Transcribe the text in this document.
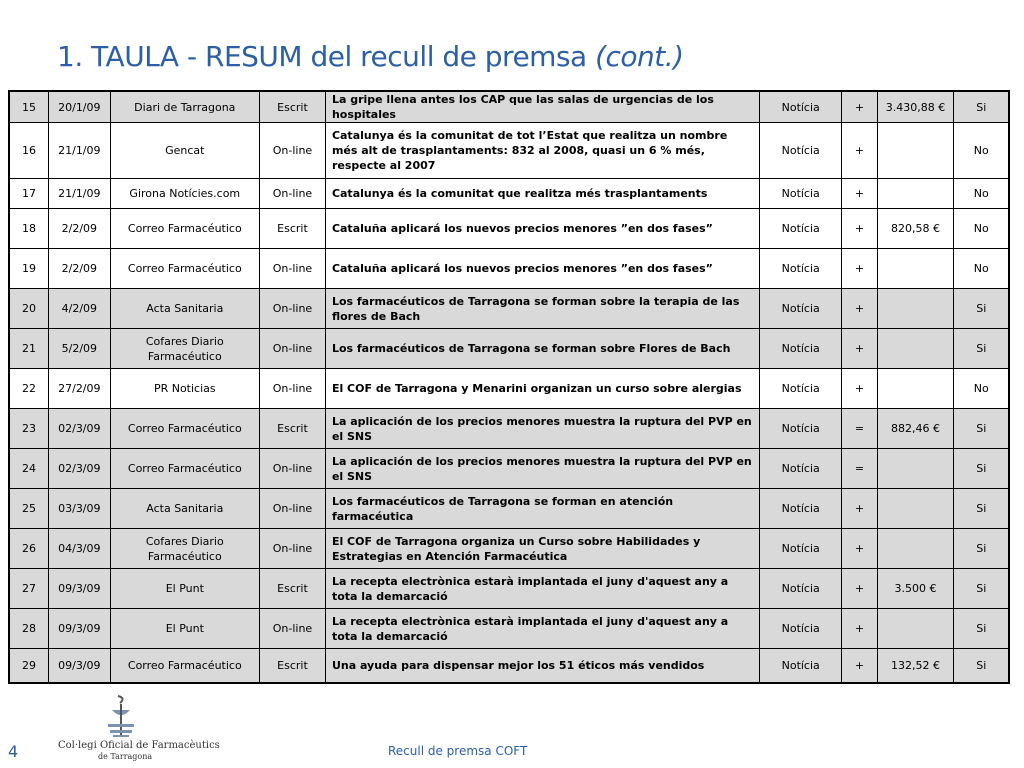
1. TAULA - RESUM del recull de premsa (cont.)
15	20/1/09	Diari de Tarragona	Escrit	La gripe llena antes los CAP que las salas de urgencias de los hospitales	Notícia	+	3.430,88 €	Si
16	21/1/09	Gencat	On-line	Catalunya és la comunitat de tot l’Estat que realitza un nombre més alt de trasplantaments: 832 al 2008, quasi un 6 % més, respecte al 2007	Notícia	+		No
17	21/1/09	Girona Notícies.com	On-line	Catalunya és la comunitat que realitza més trasplantaments	Notícia	+		No
18	2/2/09	Correo Farmacéutico	Escrit	Cataluña aplicará los nuevos precios menores ”en dos fases”	Notícia	+	820,58 €	No
19	2/2/09	Correo Farmacéutico	On-line	Cataluña aplicará los nuevos precios menores ”en dos fases”	Notícia	+		No
20	4/2/09	Acta Sanitaria	On-line	Los farmacéuticos de Tarragona se forman sobre la terapia de las flores de Bach	Notícia	+		Si
21	5/2/09	Cofares Diario Farmacéutico	On-line	Los farmacéuticos de Tarragona se forman sobre Flores de Bach	Notícia	+		Si
22	27/2/09	PR Noticias	On-line	El COF de Tarragona y Menarini organizan un curso sobre alergias	Notícia	+		No
23	02/3/09	Correo Farmacéutico	Escrit	La aplicación de los precios menores muestra la ruptura del PVP en el SNS	Notícia	=	882,46 €	Si
24	02/3/09	Correo Farmacéutico	On-line	La aplicación de los precios menores muestra la ruptura del PVP en el SNS	Notícia	=		Si
25	03/3/09	Acta Sanitaria	On-line	Los farmacéuticos de Tarragona se forman en atención farmacéutica	Notícia	+		Si
26	04/3/09	Cofares Diario Farmacéutico	On-line	El COF de Tarragona organiza un Curso sobre Habilidades y Estrategias en Atención Farmacéutica	Notícia	+		Si
27	09/3/09	El Punt	Escrit	La recepta electrònica estarà implantada el juny d'aquest any a tota la demarcació	Notícia	+	3.500 €	Si
28	09/3/09	El Punt	On-line	La recepta electrònica estarà implantada el juny d'aquest any a tota la demarcació	Notícia	+		Si
29	09/3/09	Correo Farmacéutico	Escrit	Una ayuda para dispensar mejor los 51 éticos más vendidos	Notícia	+	132,52 €	Si
Col·legi Oficial de Farmacèutics
de Tarragona
4	Recull de premsa COFT
